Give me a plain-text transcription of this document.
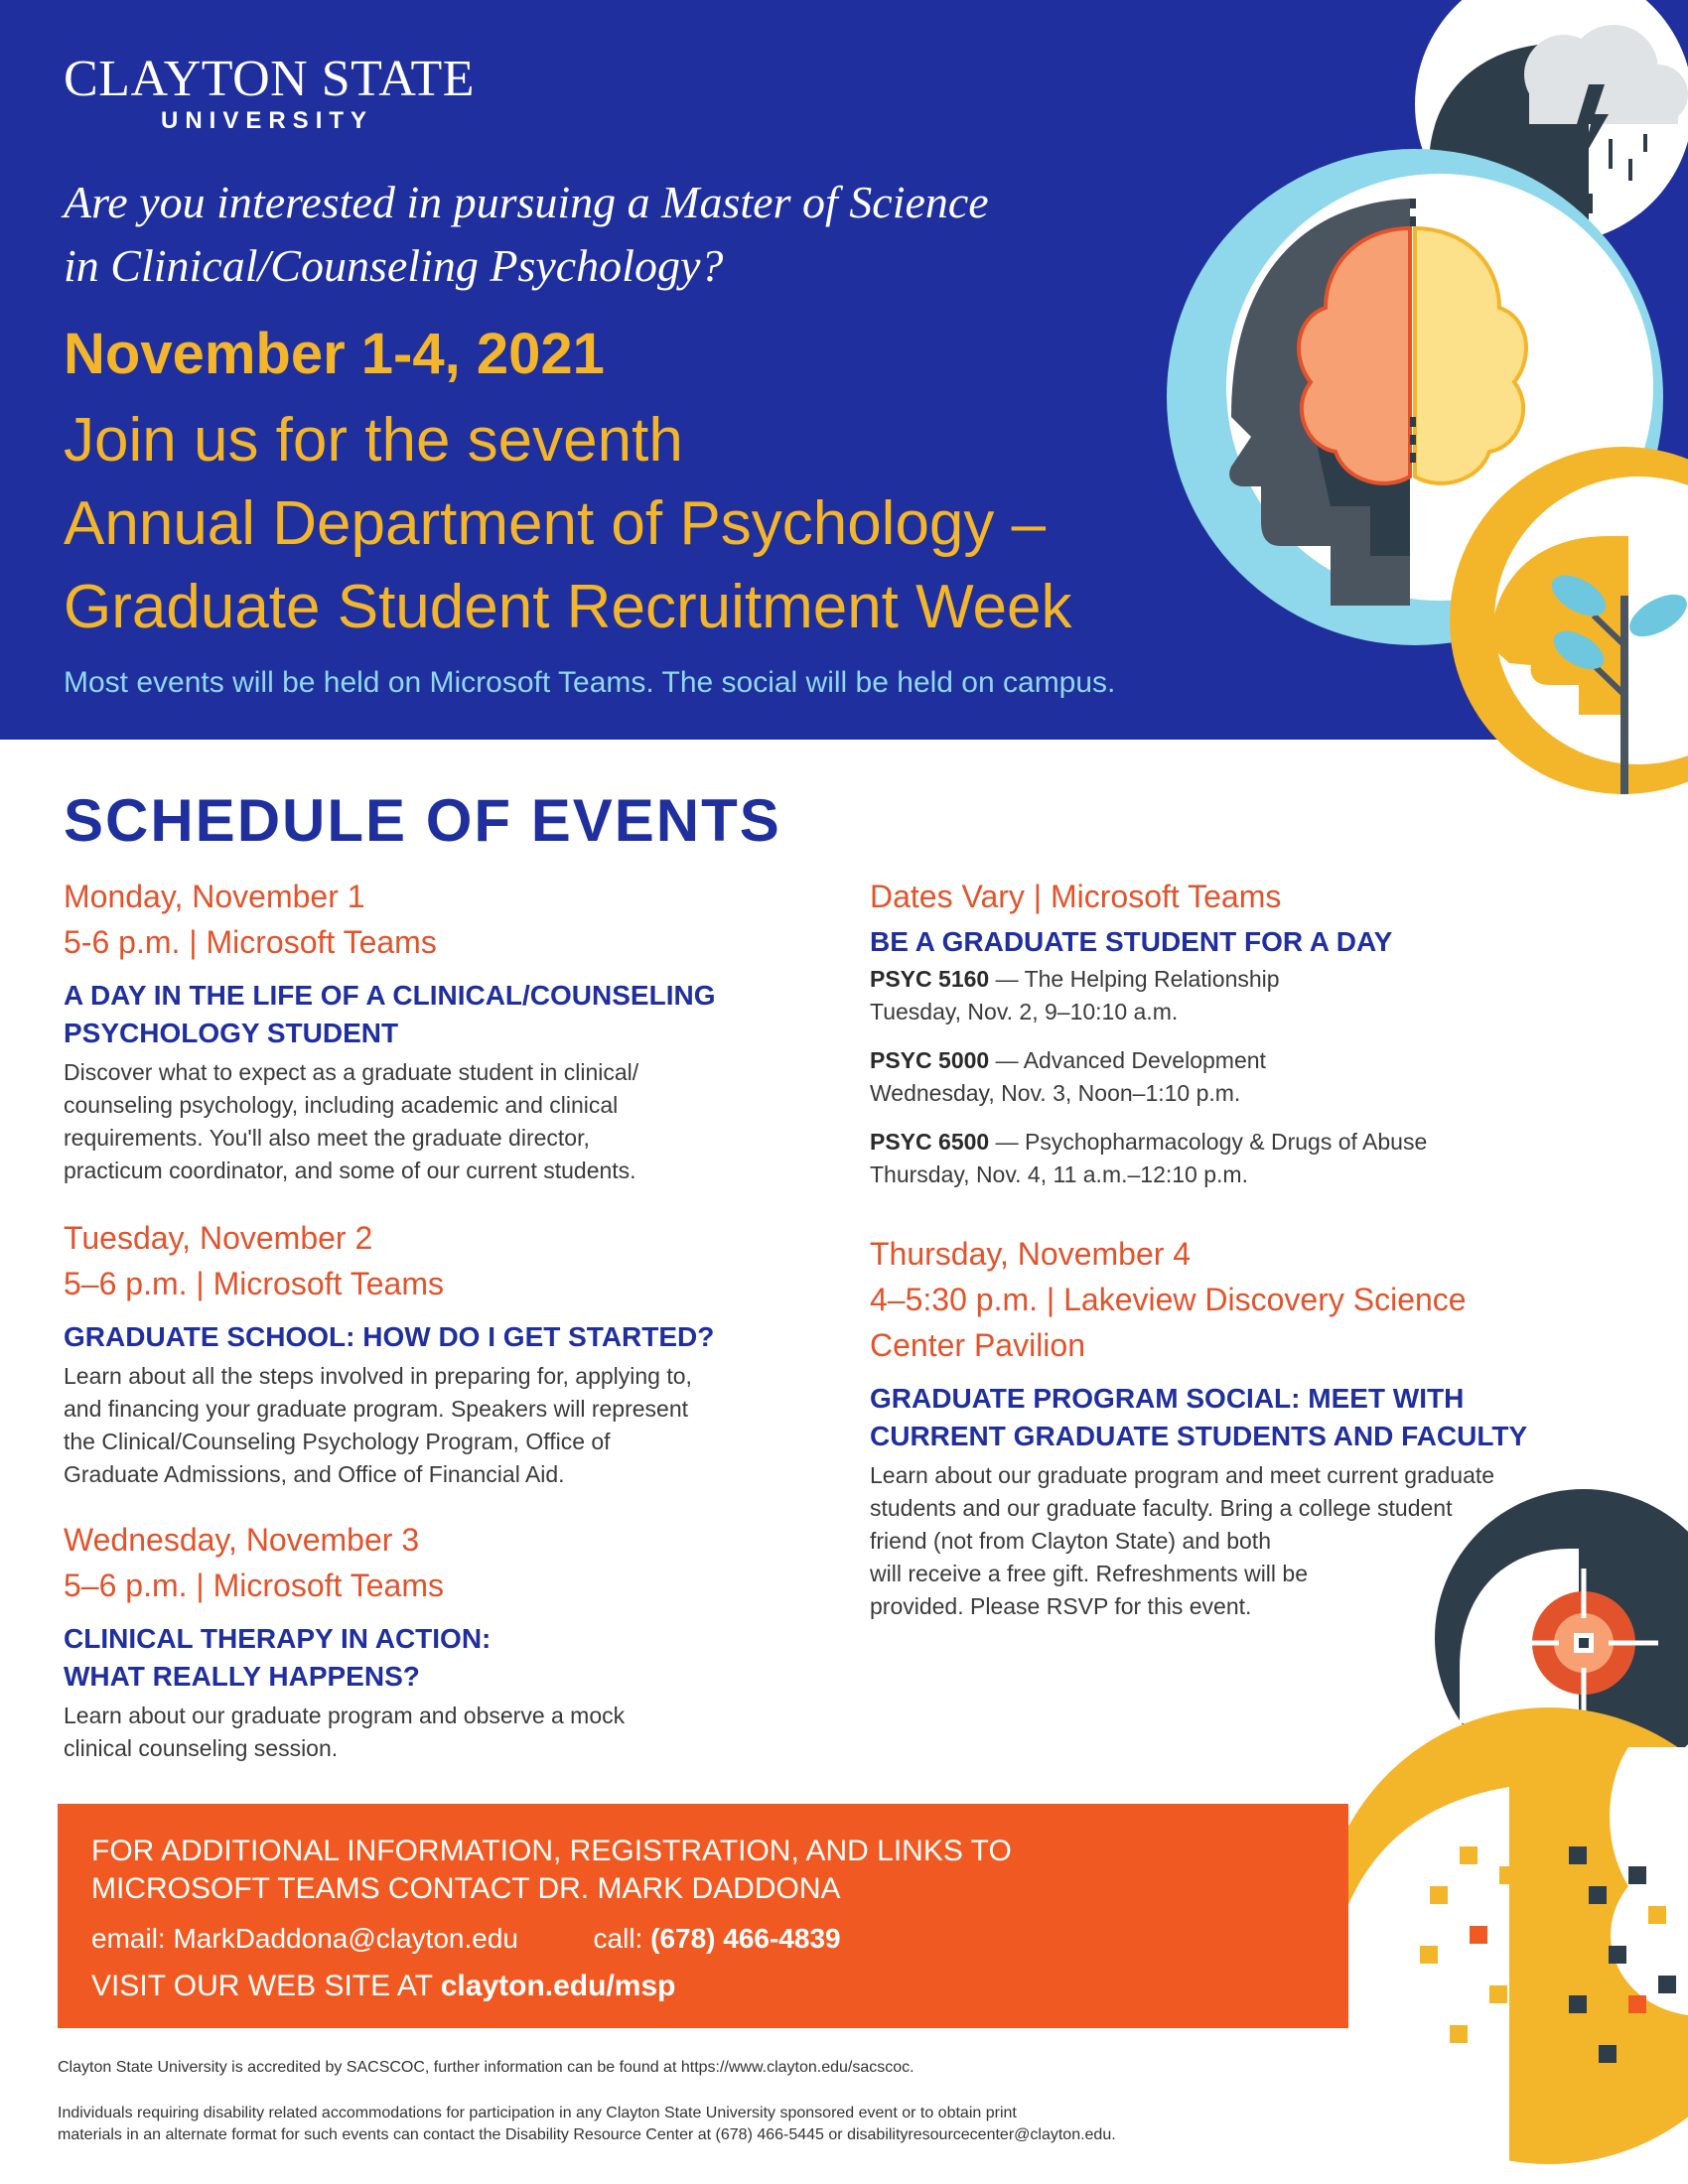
CLAYTON STATE
UNIVERSITY
Are you interested in pursuing a Master of Science
in Clinical/Counseling Psychology?
November 1-4, 2021
Join us for the seventh
Annual Department of Psychology –
Graduate Student Recruitment Week
Most events will be held on Microsoft Teams. The social will be held on campus.
SCHEDULE OF EVENTS
Monday, November 1
5-6 p.m. | Microsoft Teams
A DAY IN THE LIFE OF A CLINICAL/COUNSELING
PSYCHOLOGY STUDENT
Discover what to expect as a graduate student in clinical/
counseling psychology, including academic and clinical
requirements. You'll also meet the graduate director,
practicum coordinator, and some of our current students.
Tuesday, November 2
5–6 p.m. | Microsoft Teams
GRADUATE SCHOOL: HOW DO I GET STARTED?
Learn about all the steps involved in preparing for, applying to,
and financing your graduate program. Speakers will represent
the Clinical/Counseling Psychology Program, Office of
Graduate Admissions, and Office of Financial Aid.
Wednesday, November 3
5–6 p.m. | Microsoft Teams
CLINICAL THERAPY IN ACTION:
WHAT REALLY HAPPENS?
Learn about our graduate program and observe a mock
clinical counseling session.
Dates Vary | Microsoft Teams
BE A GRADUATE STUDENT FOR A DAY
PSYC 5160 — The Helping Relationship
Tuesday, Nov. 2, 9–10:10 a.m.
PSYC 5000 — Advanced Development
Wednesday, Nov. 3, Noon–1:10 p.m.
PSYC 6500 — Psychopharmacology & Drugs of Abuse
Thursday, Nov. 4, 11 a.m.–12:10 p.m.
Thursday, November 4
4–5:30 p.m. | Lakeview Discovery Science
Center Pavilion
GRADUATE PROGRAM SOCIAL: MEET WITH
CURRENT GRADUATE STUDENTS AND FACULTY
Learn about our graduate program and meet current graduate
students and our graduate faculty. Bring a college student
friend (not from Clayton State) and both
will receive a free gift. Refreshments will be
provided. Please RSVP for this event.
FOR ADDITIONAL INFORMATION, REGISTRATION, AND LINKS TO
MICROSOFT TEAMS CONTACT DR. MARK DADDONA
email: MarkDaddona@clayton.edu	call: (678) 466-4839
VISIT OUR WEB SITE AT clayton.edu/msp
Clayton State University is accredited by SACSCOC, further information can be found at https://www.clayton.edu/sacscoc.
Individuals requiring disability related accommodations for participation in any Clayton State University sponsored event or to obtain print
materials in an alternate format for such events can contact the Disability Resource Center at (678) 466-5445 or disabilityresourcecenter@clayton.edu.
